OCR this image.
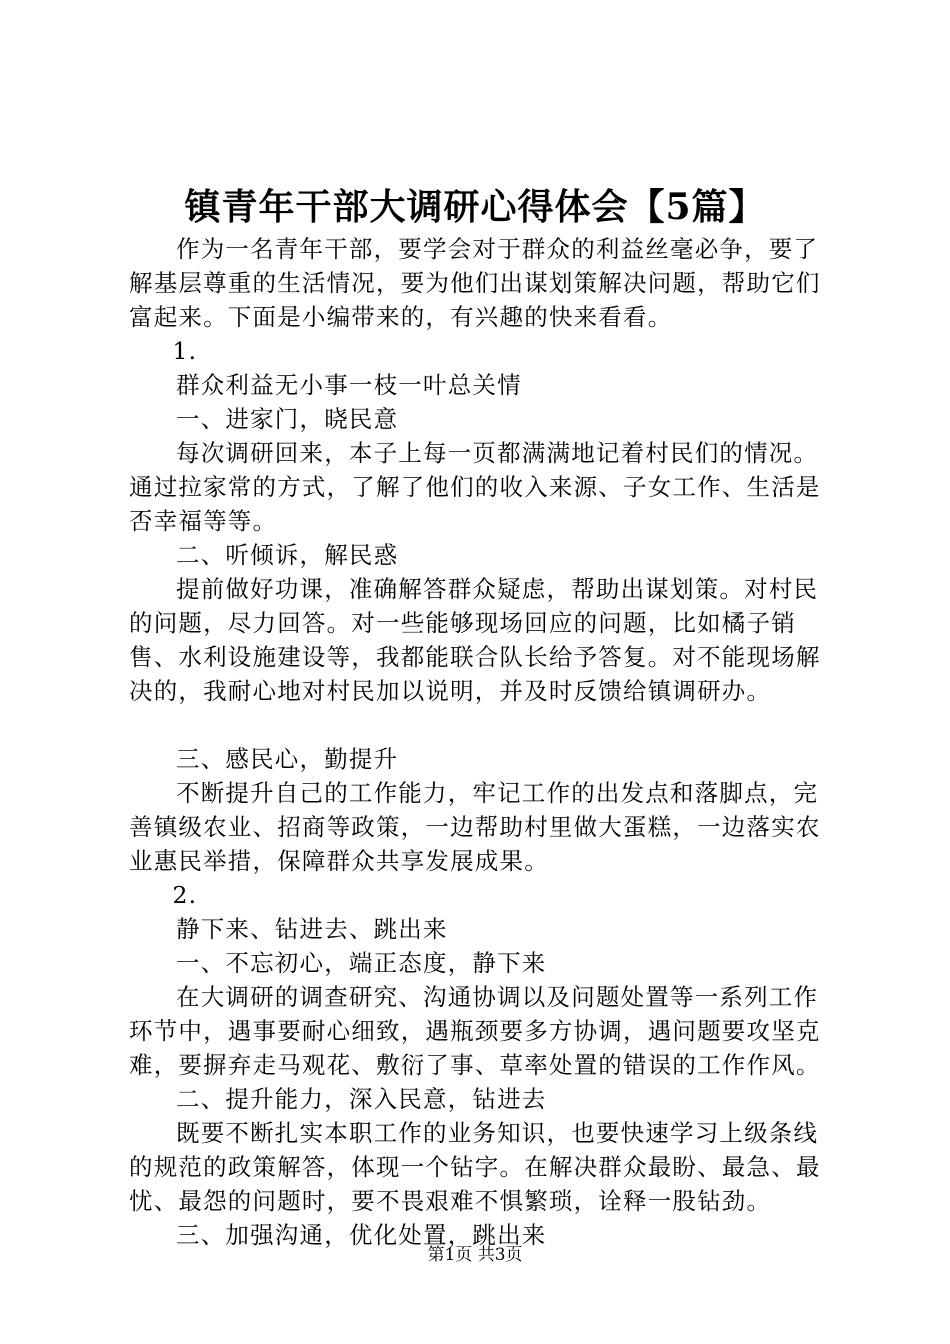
镇青年干部大调研心得体会【5篇】

作为一名青年干部，要学会对于群众的利益丝毫必争，要了解基层尊重的生活情况，要为他们出谋划策解决问题，帮助它们富起来。下面是小编带来的，有兴趣的快来看看。

1.

群众利益无小事一枝一叶总关情

一、进家门，晓民意

每次调研回来，本子上每一页都满满地记着村民们的情况。通过拉家常的方式，了解了他们的收入来源、子女工作、生活是否幸福等等。

二、听倾诉，解民惑

提前做好功课，准确解答群众疑虑，帮助出谋划策。对村民的问题，尽力回答。对一些能够现场回应的问题，比如橘子销售、水利设施建设等，我都能联合队长给予答复。对不能现场解决的，我耐心地对村民加以说明，并及时反馈给镇调研办。

三、感民心，勤提升

不断提升自己的工作能力，牢记工作的出发点和落脚点，完善镇级农业、招商等政策，一边帮助村里做大蛋糕，一边落实农业惠民举措，保障群众共享发展成果。

2.

静下来、钻进去、跳出来

一、不忘初心，端正态度，静下来

在大调研的调查研究、沟通协调以及问题处置等一系列工作环节中，遇事要耐心细致，遇瓶颈要多方协调，遇问题要攻坚克难，要摒弃走马观花、敷衍了事、草率处置的错误的工作作风。

二、提升能力，深入民意，钻进去

既要不断扎实本职工作的业务知识，也要快速学习上级条线的规范的政策解答，体现一个钻字。在解决群众最盼、最急、最忧、最怨的问题时，要不畏艰难不惧繁琐，诠释一股钻劲。

三、加强沟通，优化处置，跳出来

第1页 共3页
